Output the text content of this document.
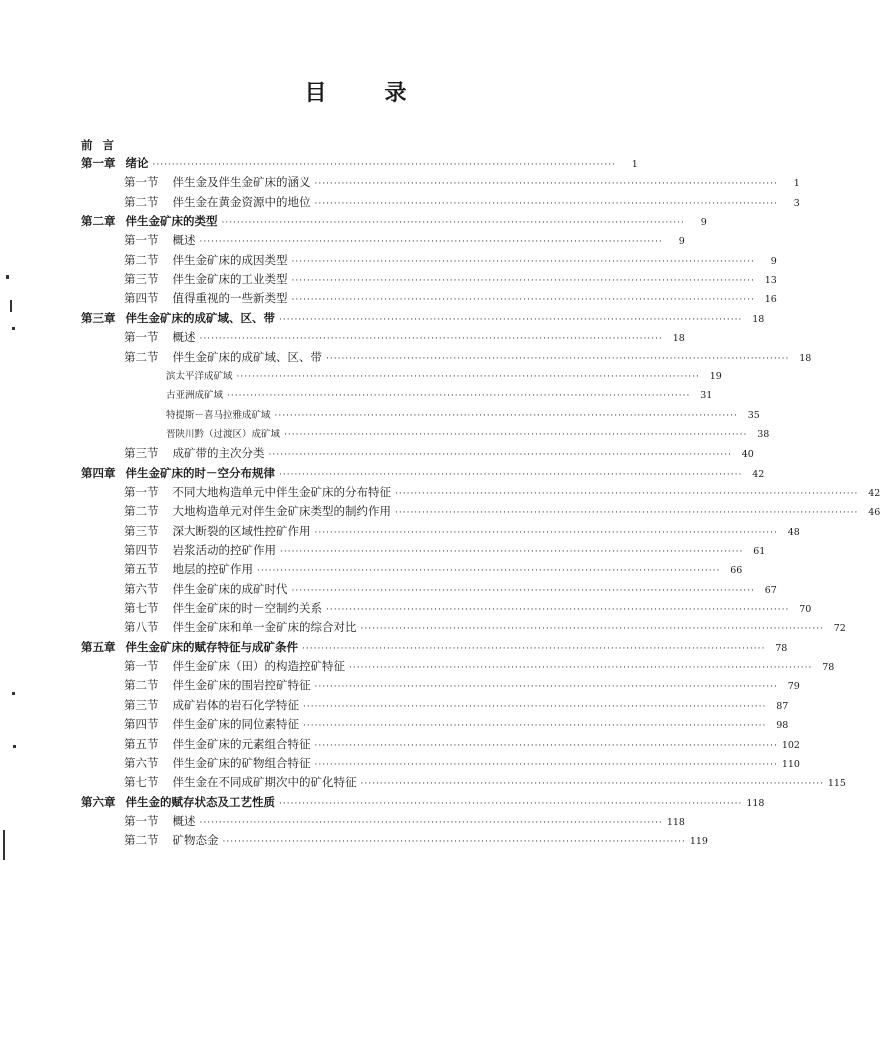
目	录
前言
第一章 绪论 ························································································································	1
第一节 伴生金及伴生金矿床的涵义 ························································································································	1
第二节 伴生金在黄金资源中的地位 ························································································································	3
第二章 伴生金矿床的类型 ························································································································	9
第一节 概述 ························································································································	9
第二节 伴生金矿床的成因类型 ························································································································	9
第三节 伴生金矿床的工业类型 ························································································································	13
第四节 值得重视的一些新类型 ························································································································	16
第三章 伴生金矿床的成矿域、区、带 ························································································································	18
第一节 概述 ························································································································	18
第二节 伴生金矿床的成矿域、区、带 ························································································································	18
滨太平洋成矿域 ························································································································	19
古亚洲成矿域 ························································································································	31
特提斯－喜马拉雅成矿域 ························································································································	35
晋陕川黔（过渡区）成矿域 ························································································································	38
第三节 成矿带的主次分类 ························································································································	40
第四章 伴生金矿床的时－空分布规律 ························································································································	42
第一节 不同大地构造单元中伴生金矿床的分布特征 ························································································································	42
第二节 大地构造单元对伴生金矿床类型的制约作用 ························································································································	46
第三节 深大断裂的区域性控矿作用 ························································································································	48
第四节 岩浆活动的控矿作用 ························································································································	61
第五节 地层的控矿作用 ························································································································	66
第六节 伴生金矿床的成矿时代 ························································································································	67
第七节 伴生金矿床的时－空制约关系 ························································································································	70
第八节 伴生金矿床和单一金矿床的综合对比 ························································································································	72
第五章 伴生金矿床的赋存特征与成矿条件 ························································································································	78
第一节 伴生金矿床（田）的构造控矿特征 ························································································································	78
第二节 伴生金矿床的围岩控矿特征 ························································································································	79
第三节 成矿岩体的岩石化学特征 ························································································································	87
第四节 伴生金矿床的同位素特征 ························································································································	98
第五节 伴生金矿床的元素组合特征 ························································································································ 102
第六节 伴生金矿床的矿物组合特征 ························································································································ 110
第七节 伴生金在不同成矿期次中的矿化特征 ························································································································ 115
第六章 伴生金的赋存状态及工艺性质 ························································································································ 118
第一节 概述 ························································································································ 118
第二节 矿物态金 ························································································································ 119
